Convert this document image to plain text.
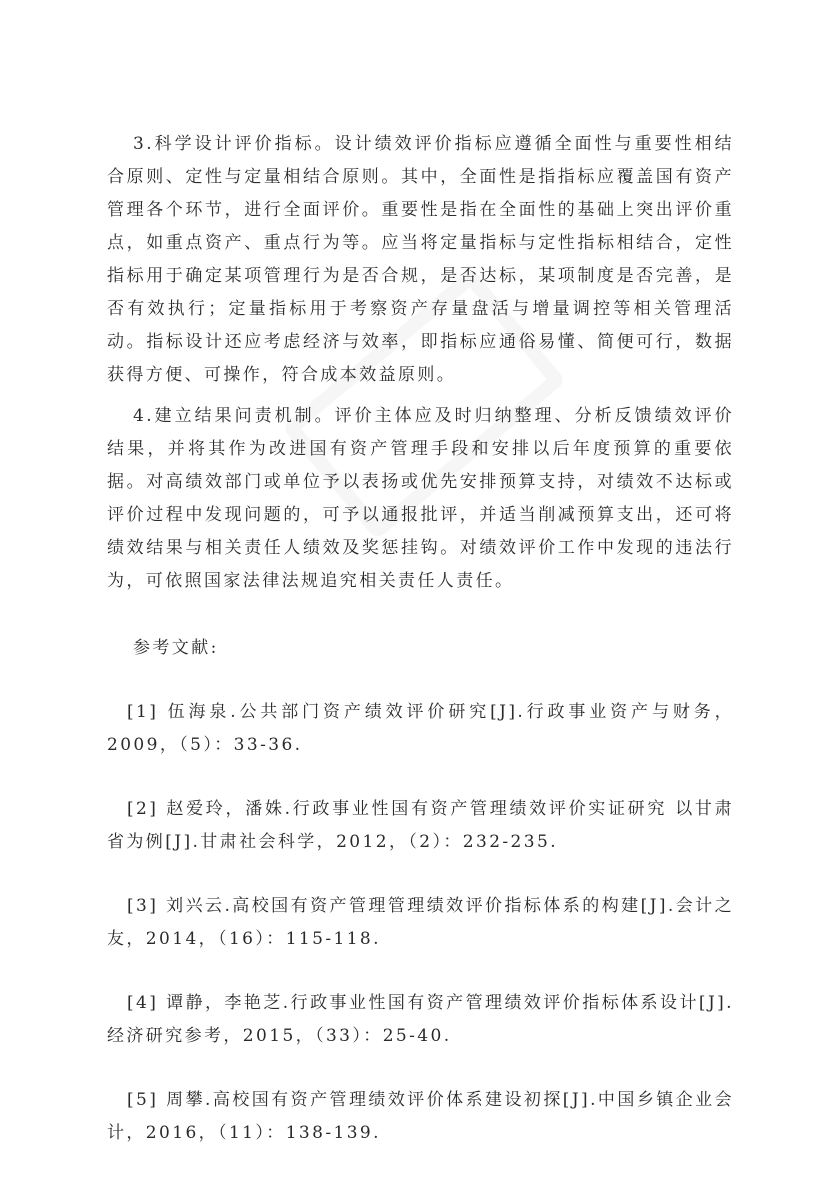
3.科学设计评价指标。设计绩效评价指标应遵循全面性与重要性相结合原则、定性与定量相结合原则。其中，全面性是指指标应覆盖国有资产管理各个环节，进行全面评价。重要性是指在全面性的基础上突出评价重点，如重点资产、重点行为等。应当将定量指标与定性指标相结合，定性指标用于确定某项管理行为是否合规，是否达标，某项制度是否完善，是否有效执行；定量指标用于考察资产存量盘活与增量调控等相关管理活动。指标设计还应考虑经济与效率，即指标应通俗易懂、简便可行，数据获得方便、可操作，符合成本效益原则。

4.建立结果问责机制。评价主体应及时归纳整理、分析反馈绩效评价结果，并将其作为改进国有资产管理手段和安排以后年度预算的重要依据。对高绩效部门或单位予以表扬或优先安排预算支持，对绩效不达标或评价过程中发现问题的，可予以通报批评，并适当削减预算支出，还可将绩效结果与相关责任人绩效及奖惩挂钩。对绩效评价工作中发现的违法行为，可依照国家法律法规追究相关责任人责任。

参考文献:

[1] 伍海泉.公共部门资产绩效评价研究[J].行政事业资产与财务，2009，（5）：33-36.

[2] 赵爱玲，潘姝.行政事业性国有资产管理绩效评价实证研究 以甘肃省为例[J].甘肃社会科学，2012，（2）：232-235.

[3] 刘兴云.高校国有资产管理管理绩效评价指标体系的构建[J].会计之友，2014，（16）：115-118.

[4] 谭静，李艳芝.行政事业性国有资产管理绩效评价指标体系设计[J].经济研究参考，2015，（33）：25-40.

[5] 周攀.高校国有资产管理绩效评价体系建设初探[J].中国乡镇企业会计，2016，（11）：138-139.
